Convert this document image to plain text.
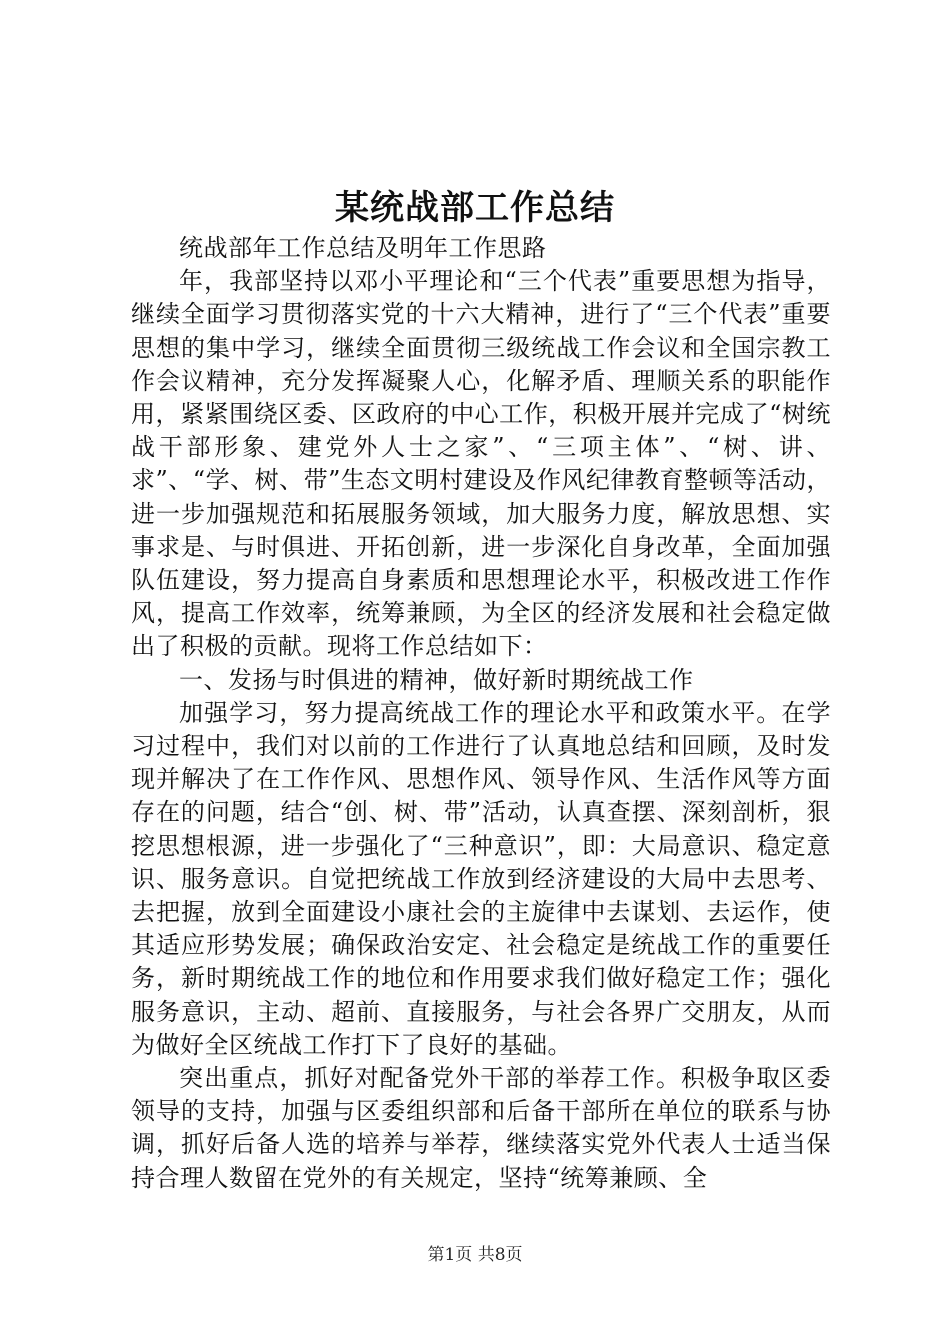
某统战部工作总结

统战部年工作总结及明年工作思路

年，我部坚持以邓小平理论和“三个代表”重要思想为指导，继续全面学习贯彻落实党的十六大精神，进行了“三个代表”重要思想的集中学习，继续全面贯彻三级统战工作会议和全国宗教工作会议精神，充分发挥凝聚人心，化解矛盾、理顺关系的职能作用，紧紧围绕区委、区政府的中心工作，积极开展并完成了“树统战干部形象、建党外人士之家”、“三项主体”、“树、讲、求”、“学、树、带”生态文明村建设及作风纪律教育整顿等活动，进一步加强规范和拓展服务领域，加大服务力度，解放思想、实事求是、与时俱进、开拓创新，进一步深化自身改革，全面加强队伍建设，努力提高自身素质和思想理论水平，积极改进工作作风，提高工作效率，统筹兼顾，为全区的经济发展和社会稳定做出了积极的贡献。现将工作总结如下：

一、发扬与时俱进的精神，做好新时期统战工作

加强学习，努力提高统战工作的理论水平和政策水平。在学习过程中，我们对以前的工作进行了认真地总结和回顾，及时发现并解决了在工作作风、思想作风、领导作风、生活作风等方面存在的问题，结合“创、树、带”活动，认真查摆、深刻剖析，狠挖思想根源，进一步强化了“三种意识”，即：大局意识、稳定意识、服务意识。自觉把统战工作放到经济建设的大局中去思考、去把握，放到全面建设小康社会的主旋律中去谋划、去运作，使其适应形势发展；确保政治安定、社会稳定是统战工作的重要任务，新时期统战工作的地位和作用要求我们做好稳定工作；强化服务意识，主动、超前、直接服务，与社会各界广交朋友，从而为做好全区统战工作打下了良好的基础。

突出重点，抓好对配备党外干部的举荐工作。积极争取区委领导的支持，加强与区委组织部和后备干部所在单位的联系与协调，抓好后备人选的培养与举荐，继续落实党外代表人士适当保持合理人数留在党外的有关规定，坚持“统筹兼顾、全

第1页 共8页
